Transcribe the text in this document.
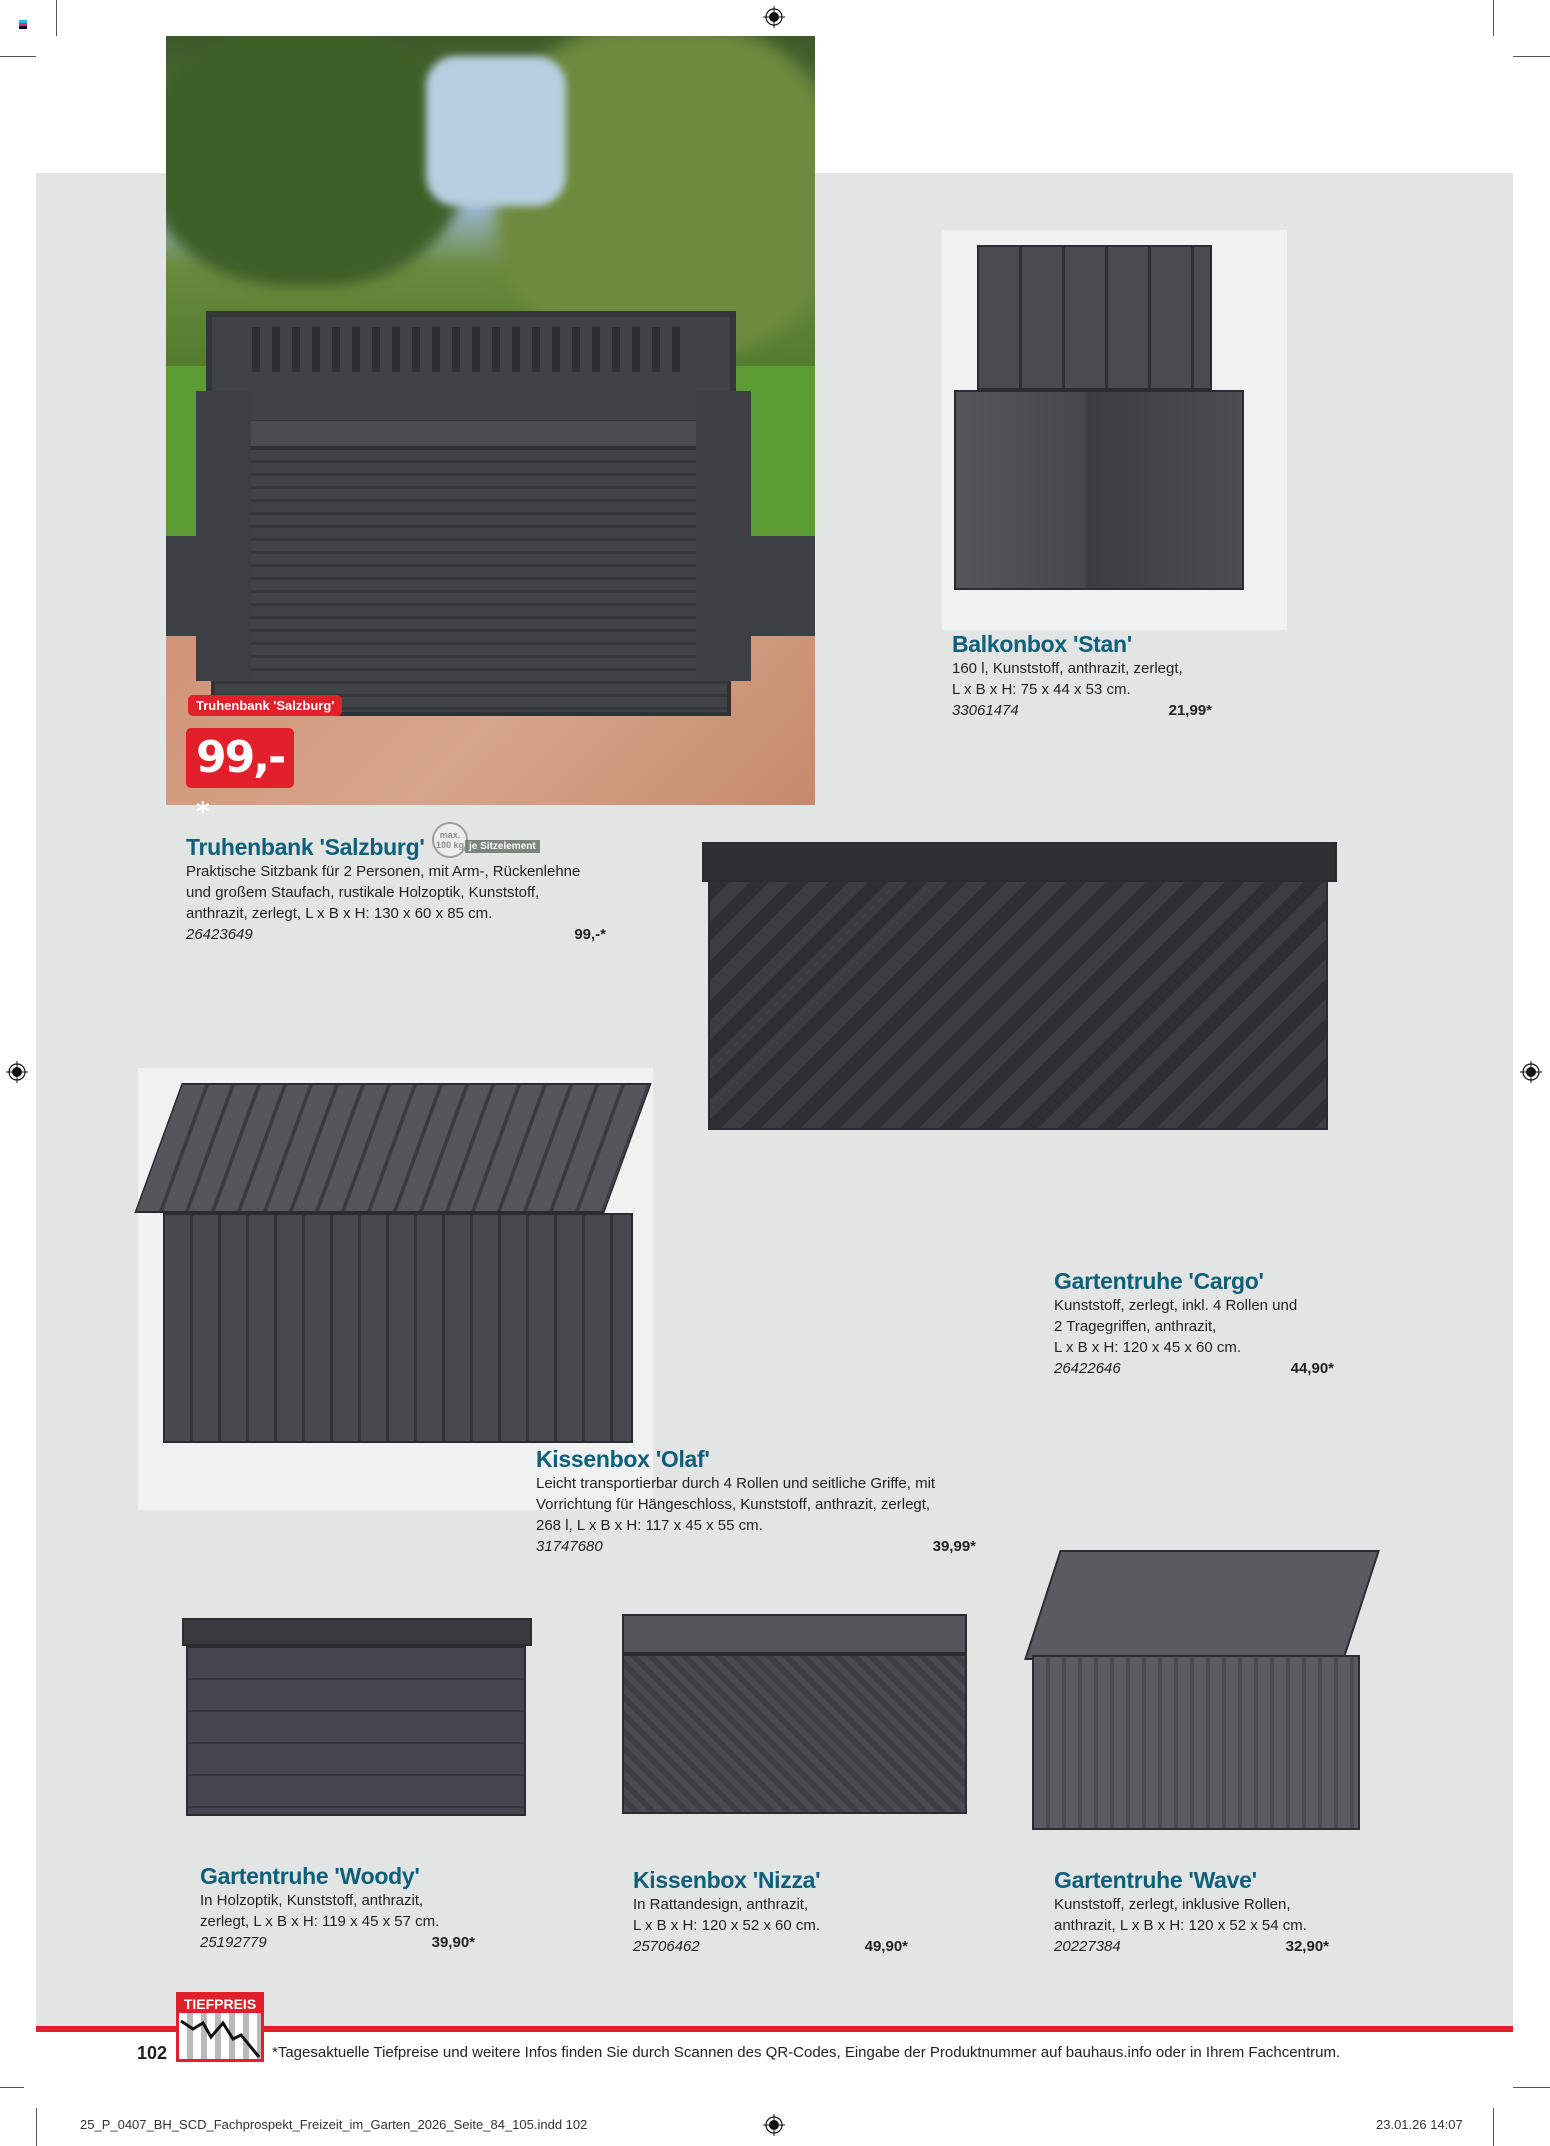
Truhenbank 'Salzburg'
99,-*
Balkonbox 'Stan'
160 l, Kunststoff, anthrazit, zerlegt,
L x B x H: 75 x 44 x 53 cm.
33061474	21,99*
Truhenbank 'Salzburg'
Praktische Sitzbank für 2 Personen, mit Arm-, Rückenlehne
und großem Staufach, rustikale Holzoptik, Kunststoff,
anthrazit, zerlegt, L x B x H: 130 x 60 x 85 cm.
26423649	99,-*
max.
100 kg je Sitzelement
Gartentruhe 'Cargo'
Kunststoff, zerlegt, inkl. 4 Rollen und
2 Tragegriffen, anthrazit,
L x B x H: 120 x 45 x 60 cm.
26422646	44,90*
Kissenbox 'Olaf'
Leicht transportierbar durch 4 Rollen und seitliche Griffe, mit
Vorrichtung für Hängeschloss, Kunststoff, anthrazit, zerlegt,
268 l, L x B x H: 117 x 45 x 55 cm.
31747680	39,99*
Gartentruhe 'Woody'
In Holzoptik, Kunststoff, anthrazit,
zerlegt, L x B x H: 119 x 45 x 57 cm.
25192779	39,90*
Kissenbox 'Nizza'
In Rattandesign, anthrazit,
L x B x H: 120 x 52 x 60 cm.
25706462	49,90*
Gartentruhe 'Wave'
Kunststoff, zerlegt, inklusive Rollen,
anthrazit, L x B x H: 120 x 52 x 54 cm.
20227384	32,90*
TIEFPREIS
102	*Tagesaktuelle Tiefpreise und weitere Infos finden Sie durch Scannen des QR-Codes, Eingabe der Produktnummer auf bauhaus.info oder in Ihrem Fachcentrum.
25_P_0407_BH_SCD_Fachprospekt_Freizeit_im_Garten_2026_Seite_84_105.indd 102	23.01.26 14:07
